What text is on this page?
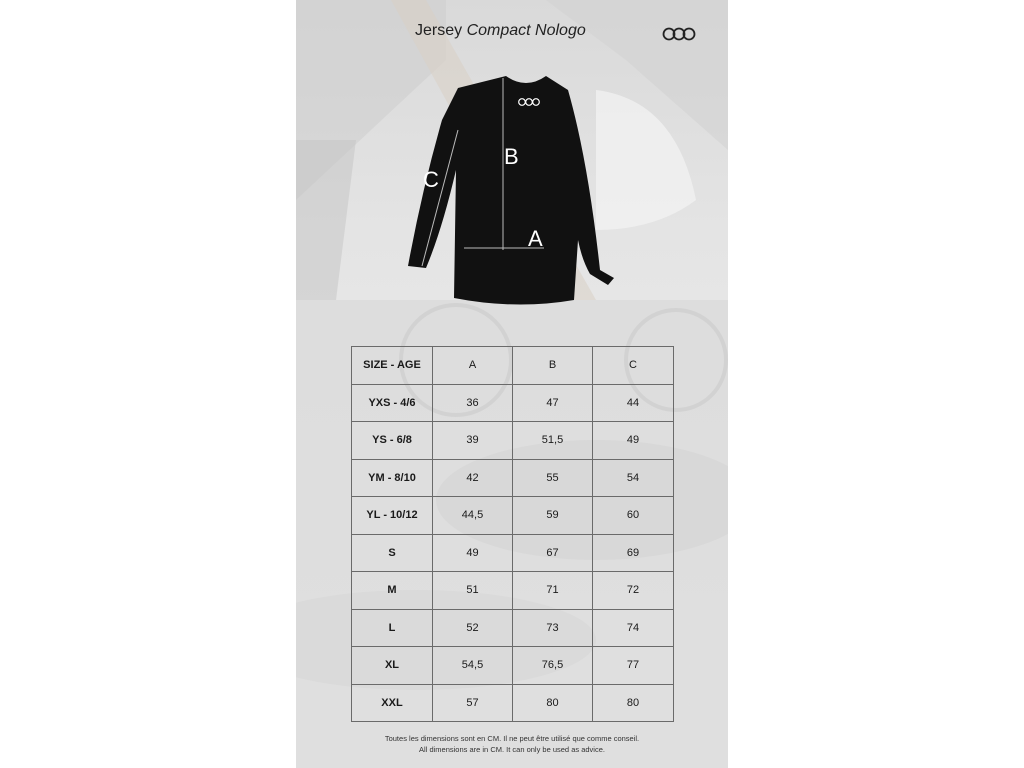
Jersey Compact Nologo
B
A
C
SIZE - AGE	A	B	C
YXS - 4/6	36	47	44
YS - 6/8	39	51,5	49
YM - 8/10	42	55	54
YL - 10/12	44,5	59	60
S	49	67	69
M	51	71	72
L	52	73	74
XL	54,5	76,5	77
XXL	57	80	80
Toutes les dimensions sont en CM. Il ne peut être utilisé que comme conseil.
All dimensions are in CM. It can only be used as advice.
